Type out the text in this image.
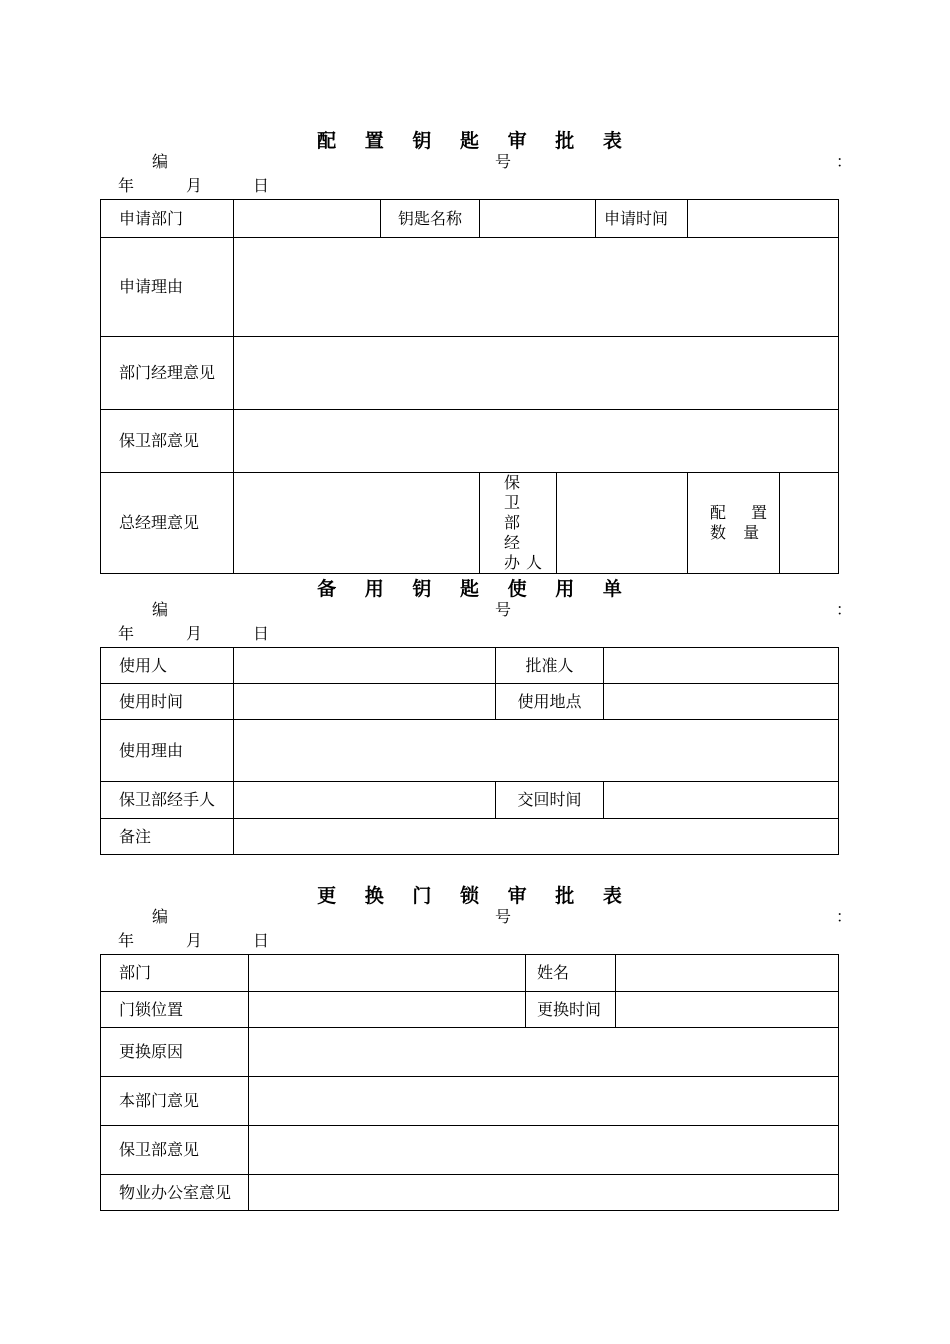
配 置 钥 匙 审 批 表
编	号	：
年	月	日
申请部门		钥匙名称			申请时间		
申请理由							
部门经理意见							
保卫部意见							
总经理意见			保 卫 部 经 办人			配 置 数 量	
备 用 钥 匙 使 用 单
编	号	：
年	月	日
使用人		批准人	
使用时间		使用地点	
使用理由			
保卫部经手人		交回时间	
备注			
更 换 门 锁 审 批 表
编	号	：
年	月	日
部门		姓名	
门锁位置		更换时间	
更换原因			
本部门意见			
保卫部意见			
物业办公室意见			
